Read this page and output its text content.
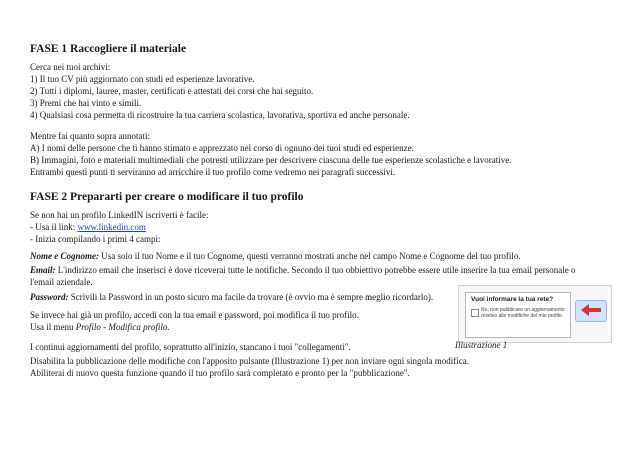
FASE 1 Raccogliere il materiale
Cerca nei tuoi archivi:
1) Il tuo CV più aggiornato con studi ed esperienze lavorative.
2) Tutti i diplomi, lauree, master, certificati e attestati dei corsi che hai seguito.
3) Premi che hai vinto e simili.
4) Qualsiasi cosa permetta di ricostruire la tua carriera scolastica, lavorativa, sportiva ed anche personale.
Mentre fai quanto sopra annotati:
A) I nomi delle persone che ti hanno stimato e apprezzato nel corso di ognuno dei tuoi studi ed esperienze.
B) Immagini, foto e materiali multimediali che potresti utilizzare per descrivere ciascuna delle tue esperienze scolastiche e lavorative.
Entrambi questi punti ti serviranno ad arricchire il tuo profilo come vedremo nei paragrafi successivi.
FASE 2 Prepararti per creare o modificare il tuo profilo
Se non hai un profilo LinkedIN iscriverti è facile:
- Usa il link: www.linkedin.com
- Inizia compilando i primi 4 campi:
Nome e Cognome: Usa solo il tuo Nome e il tuo Cognome, questi verranno mostrati anche nel campo Nome e Cognome del tuo profilo.
Email: L'indirizzo email che inserisci è dove riceverai tutte le notifiche. Secondo il tuo obbiettivo potrebbe essere utile inserire la tua email personale o
l'email aziendale.
Password: Scrivili la Password in un posto sicuro ma facile da trovare (è ovvio ma è sempre meglio ricordarlo).
Se invece hai già un profilo, accedi con la tua email e password, poi modifica il tuo profilo.
Usa il menu Profilo - Modifica profilo.
I continui aggiornamenti del profilo, soprattutto all'inizio, stancano i tuoi "collegamenti".
Disabilita la pubblicazione delle modifiche con l'apposito pulsante (Illustrazione 1) per non inviare ogni singola modifica.
Abiliterai di nuovo questa funzione quando il tuo profilo sarà completato e pronto per la "pubblicazione".
Vuoi informare la tua rete?
No, non pubblicare un aggiornamento relativo alle modifiche del mio profilo.
Illustrazione 1
